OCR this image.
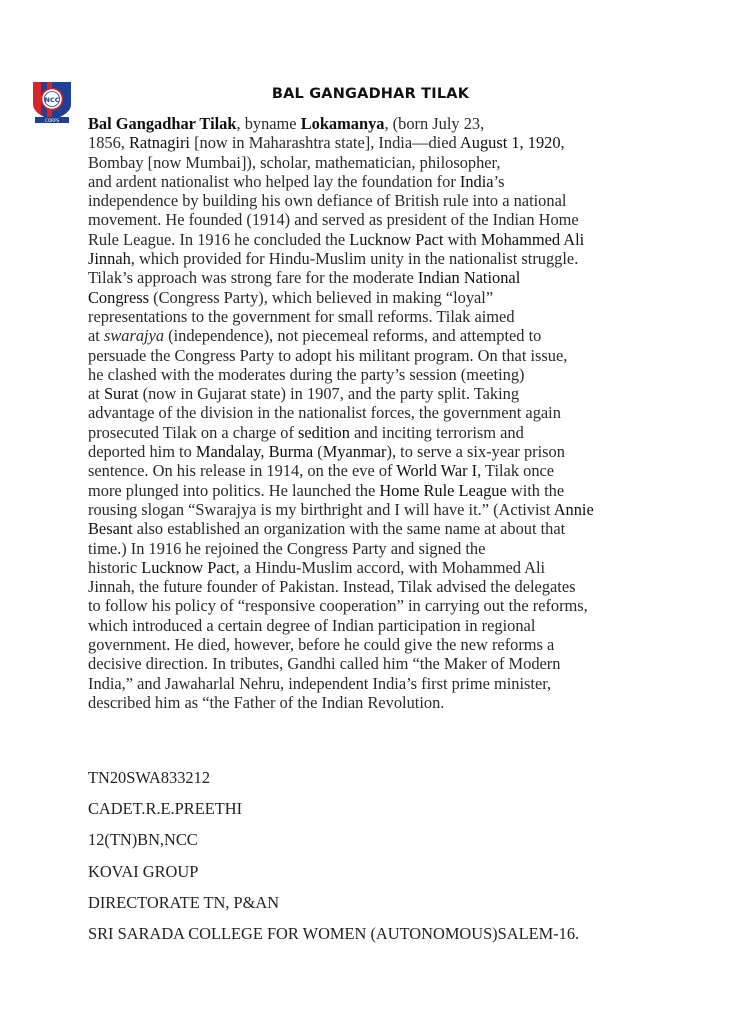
NCC
CORPS
BAL GANGADHAR TILAK
Bal Gangadhar Tilak, byname Lokamanya, (born July 23,
1856, Ratnagiri [now in Maharashtra state], India—died August 1, 1920,
Bombay [now Mumbai]), scholar, mathematician, philosopher,
and ardent nationalist who helped lay the foundation for India’s
independence by building his own defiance of British rule into a national
movement. He founded (1914) and served as president of the Indian Home
Rule League. In 1916 he concluded the Lucknow Pact with Mohammed Ali
Jinnah, which provided for Hindu-Muslim unity in the nationalist struggle.
Tilak’s approach was strong fare for the moderate Indian National
Congress (Congress Party), which believed in making “loyal”
representations to the government for small reforms. Tilak aimed
at swarajya (independence), not piecemeal reforms, and attempted to
persuade the Congress Party to adopt his militant program. On that issue,
he clashed with the moderates during the party’s session (meeting)
at Surat (now in Gujarat state) in 1907, and the party split. Taking
advantage of the division in the nationalist forces, the government again
prosecuted Tilak on a charge of sedition and inciting terrorism and
deported him to Mandalay, Burma (Myanmar), to serve a six-year prison
sentence. On his release in 1914, on the eve of World War I, Tilak once
more plunged into politics. He launched the Home Rule League with the
rousing slogan “Swarajya is my birthright and I will have it.” (Activist Annie
Besant also established an organization with the same name at about that
time.) In 1916 he rejoined the Congress Party and signed the
historic Lucknow Pact, a Hindu-Muslim accord, with Mohammed Ali
Jinnah, the future founder of Pakistan. Instead, Tilak advised the delegates
to follow his policy of “responsive cooperation” in carrying out the reforms,
which introduced a certain degree of Indian participation in regional
government. He died, however, before he could give the new reforms a
decisive direction. In tributes, Gandhi called him “the Maker of Modern
India,” and Jawaharlal Nehru, independent India’s first prime minister,
described him as “the Father of the Indian Revolution.
TN20SWA833212
CADET.R.E.PREETHI
12(TN)BN,NCC
KOVAI GROUP
DIRECTORATE TN, P&AN
SRI SARADA COLLEGE FOR WOMEN (AUTONOMOUS)SALEM-16.
